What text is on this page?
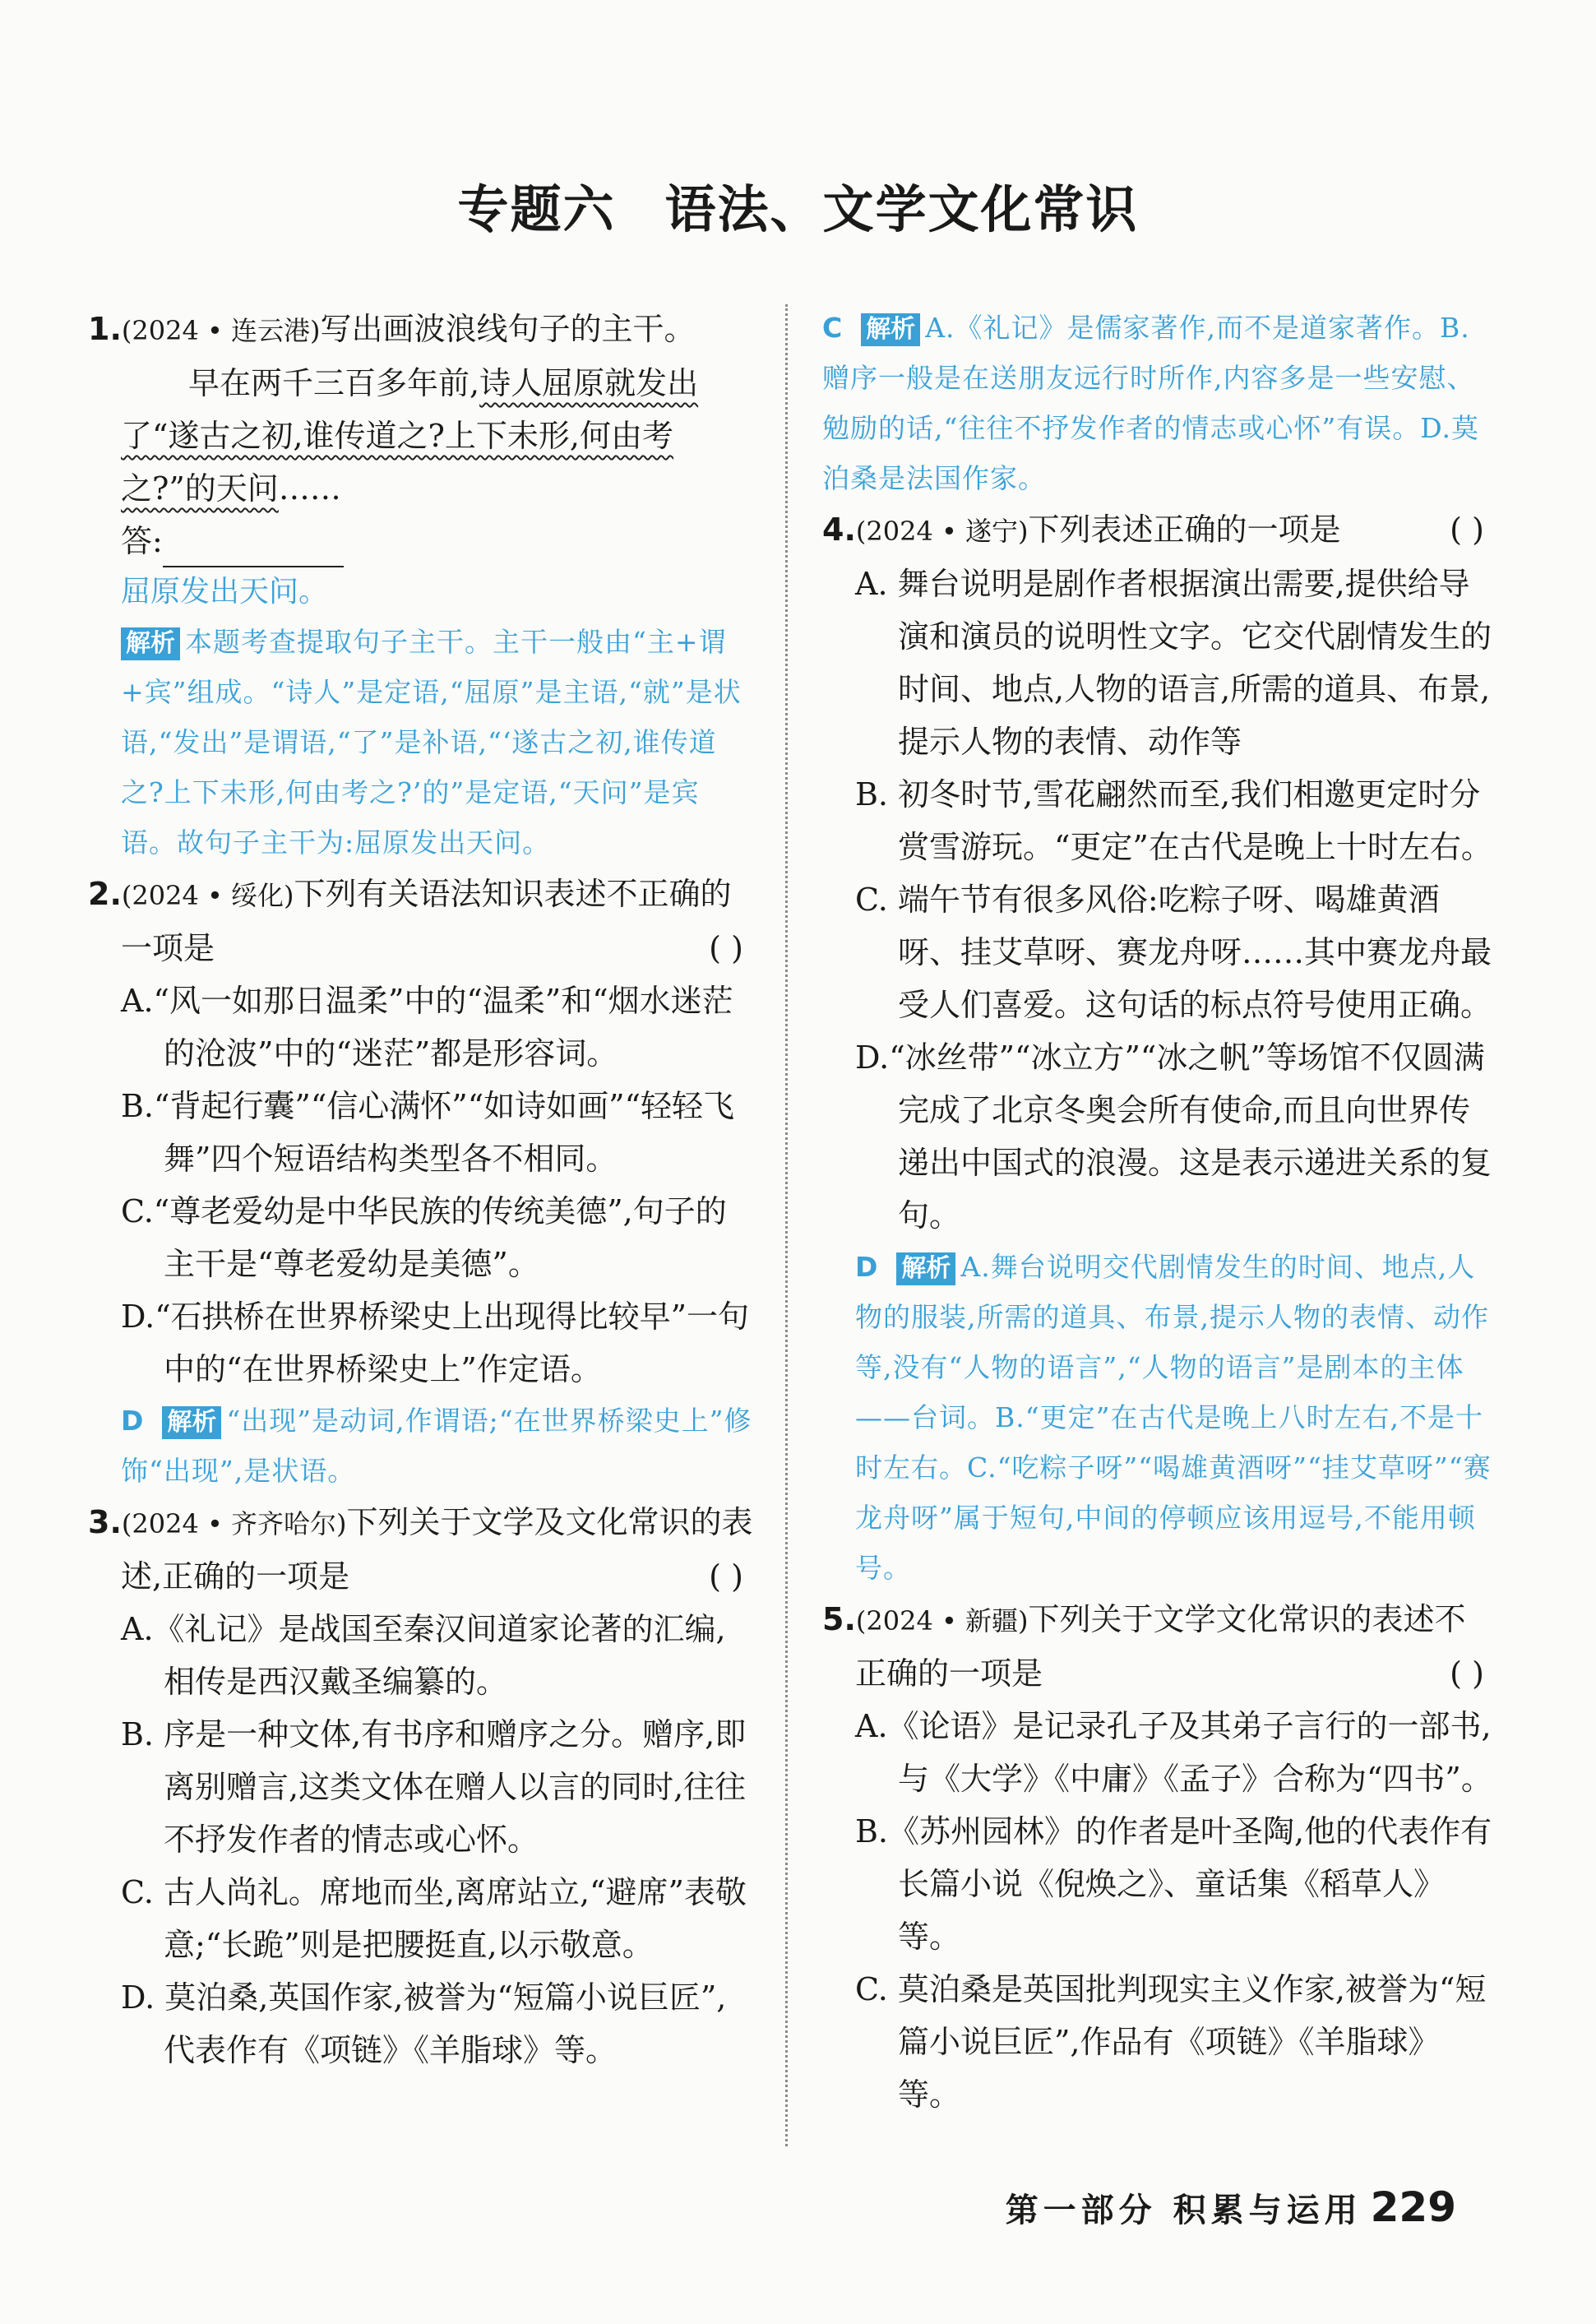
专题六 语法、文学文化常识
1.(2024 • 连云港)写出画波浪线句子的主干。
早在两千三百多年前,诗人屈原就发出
了“遂古之初,谁传道之?上下未形,何由考
之?”的天问……
答:
屈原发出天问。
解析 本题考查提取句子主干。主干一般由“主+谓+宾”组成。“诗人”是定语,“屈原”是主语,“就”是状语,“发出”是谓语,“了”是补语,“‘遂古之初,谁传道之?上下未形,何由考之?’的”是定语,“天问”是宾语。故句子主干为:屈原发出天问。
2.(2024 • 绥化)下列有关语法知识表述不正确的一项是	( )
A.“风一如那日温柔”中的“温柔”和“烟水迷茫的沧波”中的“迷茫”都是形容词。
B.“背起行囊”“信心满怀”“如诗如画”“轻轻飞舞”四个短语结构类型各不相同。
C.“尊老爱幼是中华民族的传统美德”,句子的主干是“尊老爱幼是美德”。
D.“石拱桥在世界桥梁史上出现得比较早”一句中的“在世界桥梁史上”作定语。
D 解析 “出现”是动词,作谓语;“在世界桥梁史上”修饰“出现”,是状语。
3.(2024 • 齐齐哈尔)下列关于文学及文化常识的表述,正确的一项是	( )
A.《礼记》是战国至秦汉间道家论著的汇编,相传是西汉戴圣编纂的。
B. 序是一种文体,有书序和赠序之分。赠序,即离别赠言,这类文体在赠人以言的同时,往往不抒发作者的情志或心怀。
C. 古人尚礼。席地而坐,离席站立,“避席”表敬意;“长跪”则是把腰挺直,以示敬意。
D. 莫泊桑,英国作家,被誉为“短篇小说巨匠”,代表作有《项链》《羊脂球》等。
C 解析 A.《礼记》是儒家著作,而不是道家著作。B.赠序一般是在送朋友远行时所作,内容多是一些安慰、勉励的话,“往往不抒发作者的情志或心怀”有误。D.莫泊桑是法国作家。
4.(2024 • 遂宁)下列表述正确的一项是	( )
A. 舞台说明是剧作者根据演出需要,提供给导演和演员的说明性文字。它交代剧情发生的时间、地点,人物的语言,所需的道具、布景,提示人物的表情、动作等
B. 初冬时节,雪花翩然而至,我们相邀更定时分赏雪游玩。“更定”在古代是晚上十时左右。
C. 端午节有很多风俗:吃粽子呀、喝雄黄酒呀、挂艾草呀、赛龙舟呀……其中赛龙舟最受人们喜爱。这句话的标点符号使用正确。
D.“冰丝带”“冰立方”“冰之帆”等场馆不仅圆满完成了北京冬奥会所有使命,而且向世界传递出中国式的浪漫。这是表示递进关系的复句。
D 解析 A.舞台说明交代剧情发生的时间、地点,人物的服装,所需的道具、布景,提示人物的表情、动作等,没有“人物的语言”,“人物的语言”是剧本的主体——台词。B.“更定”在古代是晚上八时左右,不是十时左右。C.“吃粽子呀”“喝雄黄酒呀”“挂艾草呀”“赛龙舟呀”属于短句,中间的停顿应该用逗号,不能用顿号。
5.(2024 • 新疆)下列关于文学文化常识的表述不正确的一项是	( )
A.《论语》是记录孔子及其弟子言行的一部书,与《大学》《中庸》《孟子》合称为“四书”。
B.《苏州园林》的作者是叶圣陶,他的代表作有长篇小说《倪焕之》、童话集《稻草人》等。
C. 莫泊桑是英国批判现实主义作家,被誉为“短篇小说巨匠”,作品有《项链》《羊脂球》等。
第一部分 积累与运用 229
